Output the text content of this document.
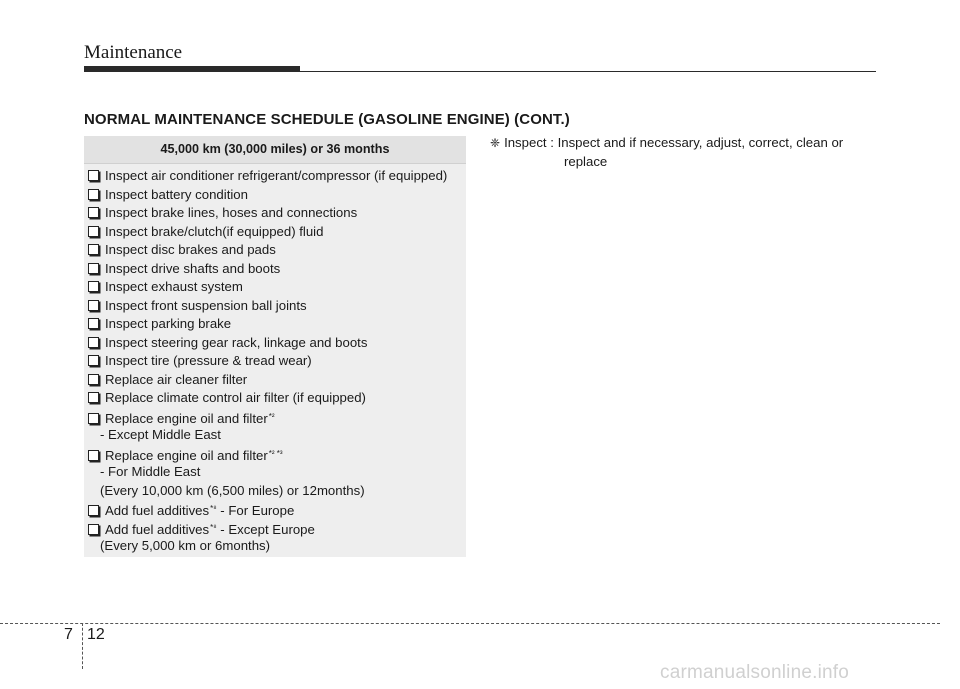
Maintenance
NORMAL MAINTENANCE SCHEDULE (GASOLINE ENGINE) (CONT.)
45,000 km (30,000 miles) or 36 months
Inspect air conditioner refrigerant/compressor (if equipped)
Inspect battery condition
Inspect brake lines, hoses and connections
Inspect brake/clutch(if equipped) fluid
Inspect disc brakes and pads
Inspect drive shafts and boots
Inspect exhaust system
Inspect front suspension ball joints
Inspect parking brake
Inspect steering gear rack, linkage and boots
Inspect tire (pressure & tread wear)
Replace air cleaner filter
Replace climate control air filter (if equipped)
Replace engine oil and filter$^{*^2}$
- Except Middle East
Replace engine oil and filter$^{*^2 *^3}$
- For Middle East
(Every 10,000 km (6,500 miles) or 12months)
Add fuel additives$^{*^8}$ - For Europe
Add fuel additives$^{*^8}$ - Except Europe
(Every 5,000 km or 6months)
❈ Inspect : Inspect and if necessary, adjust, correct, clean or
replace
7 12
carmanualsonline.info
